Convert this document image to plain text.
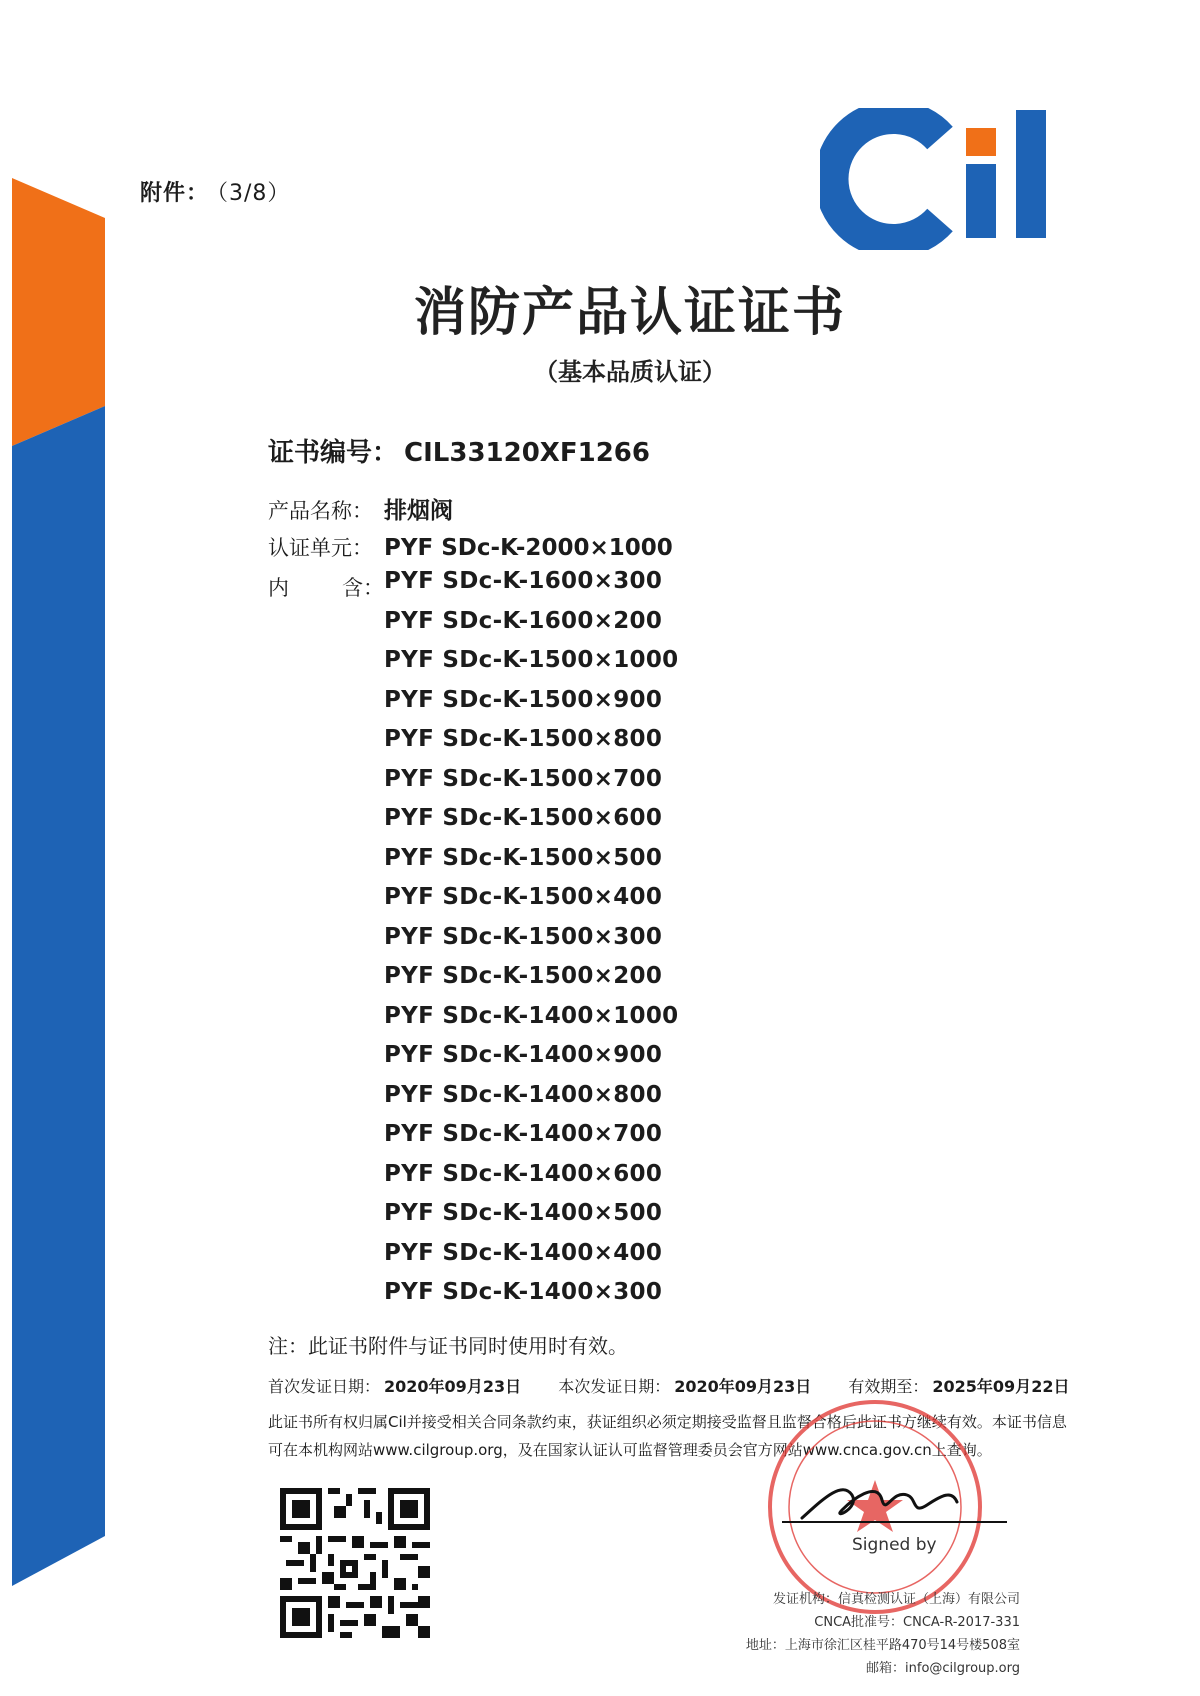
附件： （3/8）
消防产品认证证书
（基本品质认证）
证书编号： CIL33120XF1266
产品名称： 排烟阀
认证单元： PYF SDc-K-2000×1000
内	含： PYF SDc-K-1600×300
PYF SDc-K-1600×200
PYF SDc-K-1500×1000
PYF SDc-K-1500×900
PYF SDc-K-1500×800
PYF SDc-K-1500×700
PYF SDc-K-1500×600
PYF SDc-K-1500×500
PYF SDc-K-1500×400
PYF SDc-K-1500×300
PYF SDc-K-1500×200
PYF SDc-K-1400×1000
PYF SDc-K-1400×900
PYF SDc-K-1400×800
PYF SDc-K-1400×700
PYF SDc-K-1400×600
PYF SDc-K-1400×500
PYF SDc-K-1400×400
PYF SDc-K-1400×300
注：此证书附件与证书同时使用时有效。
首次发证日期： 2020年09月23日 本次发证日期： 2020年09月23日 有效期至： 2025年09月22日
此证书所有权归属Cil并接受相关合同条款约束，获证组织必须定期接受监督且监督合格后此证书方继续有效。本证书信息可在本机构网站www.cilgroup.org，及在国家认证认可监督管理委员会官方网站www.cnca.gov.cn上查询。
Signed by
发证机构：信真检测认证（上海）有限公司
CNCA批准号：CNCA-R-2017-331
地址：上海市徐汇区桂平路470号14号楼508室
邮箱：info@cilgroup.org
